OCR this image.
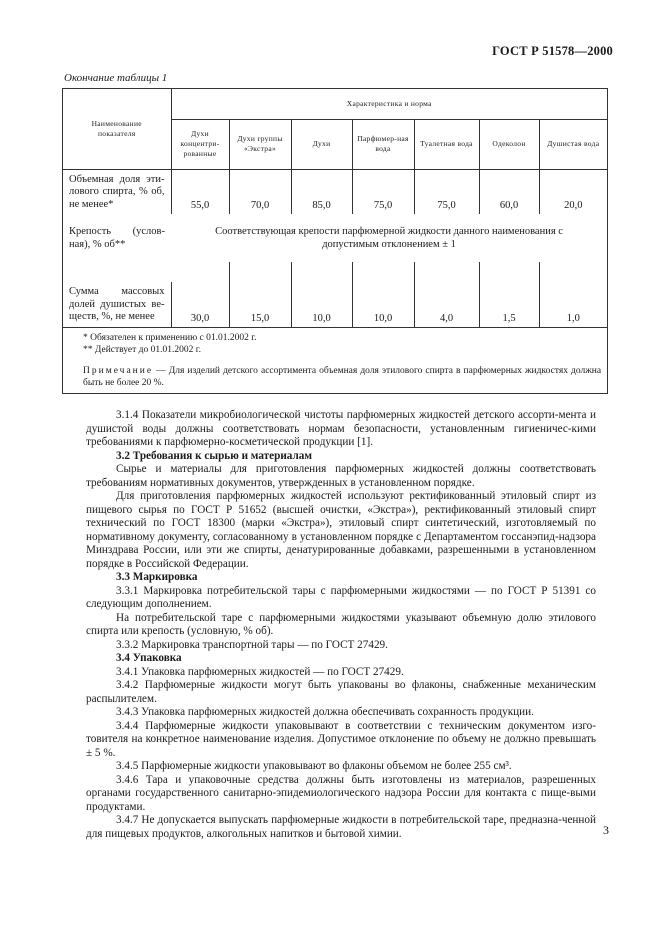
ГОСТ Р 51578—2000
Окончание таблицы 1
Наименование показателя	Характеристика и норма						
	Духи концентри-рованные	Духи группы «Экстра»	Духи	Парфюмер-ная вода	Туалетная вода	Одеколон	Душистая вода
Объемная доля эти-лового спирта, % об, не менее*	55,0	70,0	85,0	75,0	75,0	60,0	20,0
Крепость (услов-ная), % об**	Соответствующая крепости парфюмерной жидкости данного наименования с допустимым отклонением ± 1						

Сумма массовых долей душистых ве-ществ, %, не менее	30,0	15,0	10,0	10,0	4,0	1,5	1,0

* Обязателен к применению с 01.01.2002 г.
** Действует до 01.01.2002 г.							

Примечание — Для изделий детского ассортимента объемная доля этилового спирта в парфюмерных жидкостях должна быть не более 20 %.							

3.1.4 Показатели микробиологической чистоты парфюмерных жидкостей детского ассорти-мента и душистой воды должны соответствовать нормам безопасности, установленным гигиеничес-кими требованиями к парфюмерно-косметической продукции [1].

3.2 Требования к сырью и материалам

Сырье и материалы для приготовления парфюмерных жидкостей должны соответствовать требованиям нормативных документов, утвержденных в установленном порядке.

Для приготовления парфюмерных жидкостей используют ректификованный этиловый спирт из пищевого сырья по ГОСТ Р 51652 (высшей очистки, «Экстра»), ректификованный этиловый спирт технический по ГОСТ 18300 (марки «Экстра»), этиловый спирт синтетический, изготовляемый по нормативному документу, согласованному в установленном порядке с Департаментом госсанэпид-надзора Минздрава России, или эти же спирты, денатурированные добавками, разрешенными в установленном порядке в Российской Федерации.

3.3 Маркировка

3.3.1 Маркировка потребительской тары с парфюмерными жидкостями — по ГОСТ Р 51391 со следующим дополнением.

На потребительской таре с парфюмерными жидкостями указывают объемную долю этилового спирта или крепость (условную, % об).

3.3.2 Маркировка транспортной тары — по ГОСТ 27429.

3.4 Упаковка

3.4.1 Упаковка парфюмерных жидкостей — по ГОСТ 27429.

3.4.2 Парфюмерные жидкости могут быть упакованы во флаконы, снабженные механическим распылителем.

3.4.3 Упаковка парфюмерных жидкостей должна обеспечивать сохранность продукции.

3.4.4 Парфюмерные жидкости упаковывают в соответствии с техническим документом изго-товителя на конкретное наименование изделия. Допустимое отклонение по объему не должно превышать ± 5 %.

3.4.5 Парфюмерные жидкости упаковывают во флаконы объемом не более 255 см³.

3.4.6 Тара и упаковочные средства должны быть изготовлены из материалов, разрешенных органами государственного санитарно-эпидемиологического надзора России для контакта с пище-выми продуктами.

3.4.7 Не допускается выпускать парфюмерные жидкости в потребительской таре, предназна-ченной для пищевых продуктов, алкогольных напитков и бытовой химии.	3
